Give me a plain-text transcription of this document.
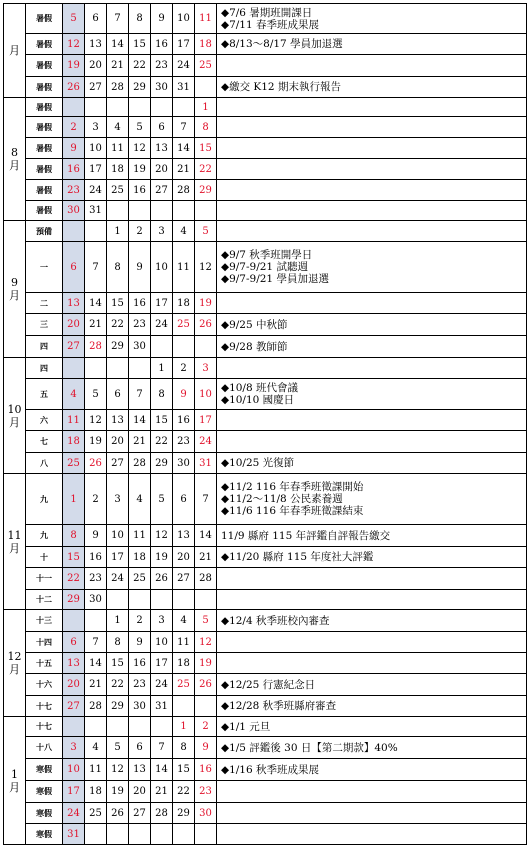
月	暑假	5	6	7	8	9	10	11	◆7/6 暑期班開課日
◆7/11 春季班成果展

	暑假	12	13	14	15	16	17	18	◆8/13～8/17 學員加退選

	暑假	19	20	21	22	23	24	25	
	暑假	26	27	28	29	30	31		◆繳交 K12 期末執行報告

8
月	暑假							1	
	暑假	2	3	4	5	6	7	8	
	暑假	9	10	11	12	13	14	15	
	暑假	16	17	18	19	20	21	22	
	暑假	23	24	25	16	27	28	29	
	暑假	30	31						

9
月	預備			1	2	3	4	5	
	一	6	7	8	9	10	11	12	◆9/7 秋季班開學日
◆9/7-9/21 試聽週
◆9/7-9/21 學員加退選

	二	13	14	15	16	17	18	19	
	三	20	21	22	23	24	25	26	◆9/25 中秋節

	四	27	28	29	30				◆9/28 教師節

10
月	四					1	2	3	
	五	4	5	6	7	8	9	10	◆10/8 班代會議
◆10/10 國慶日

	六	11	12	13	14	15	16	17	
	七	18	19	20	21	22	23	24	
	八	25	26	27	28	29	30	31	◆10/25 光復節

11
月	九	1	2	3	4	5	6	7	◆11/2 116 年春季班徵課開始
◆11/2～11/8 公民素養週
◆11/6 116 年春季班徵課結束

	九	8	9	10	11	12	13	14	11/9 縣府 115 年評鑑自評報告繳交

	十	15	16	17	18	19	20	21	◆11/20 縣府 115 年度社大評鑑

	十一	22	23	24	25	26	27	28	
	十二	29	30						

12
月	十三			1	2	3	4	5	◆12/4 秋季班校內審查

	十四	6	7	8	9	10	11	12	
	十五	13	14	15	16	17	18	19	
	十六	20	21	22	23	24	25	26	◆12/25 行憲紀念日

	十七	27	28	29	30	31			◆12/28 秋季班縣府審查

1
月	十七						1	2	◆1/1 元旦

	十八	3	4	5	6	7	8	9	◆1/5 評鑑後 30 日【第二期款】40%

	寒假	10	11	12	13	14	15	16	◆1/16 秋季班成果展

	寒假	17	18	19	20	21	22	23	
	寒假	24	25	26	27	28	29	30	
	寒假	31							
